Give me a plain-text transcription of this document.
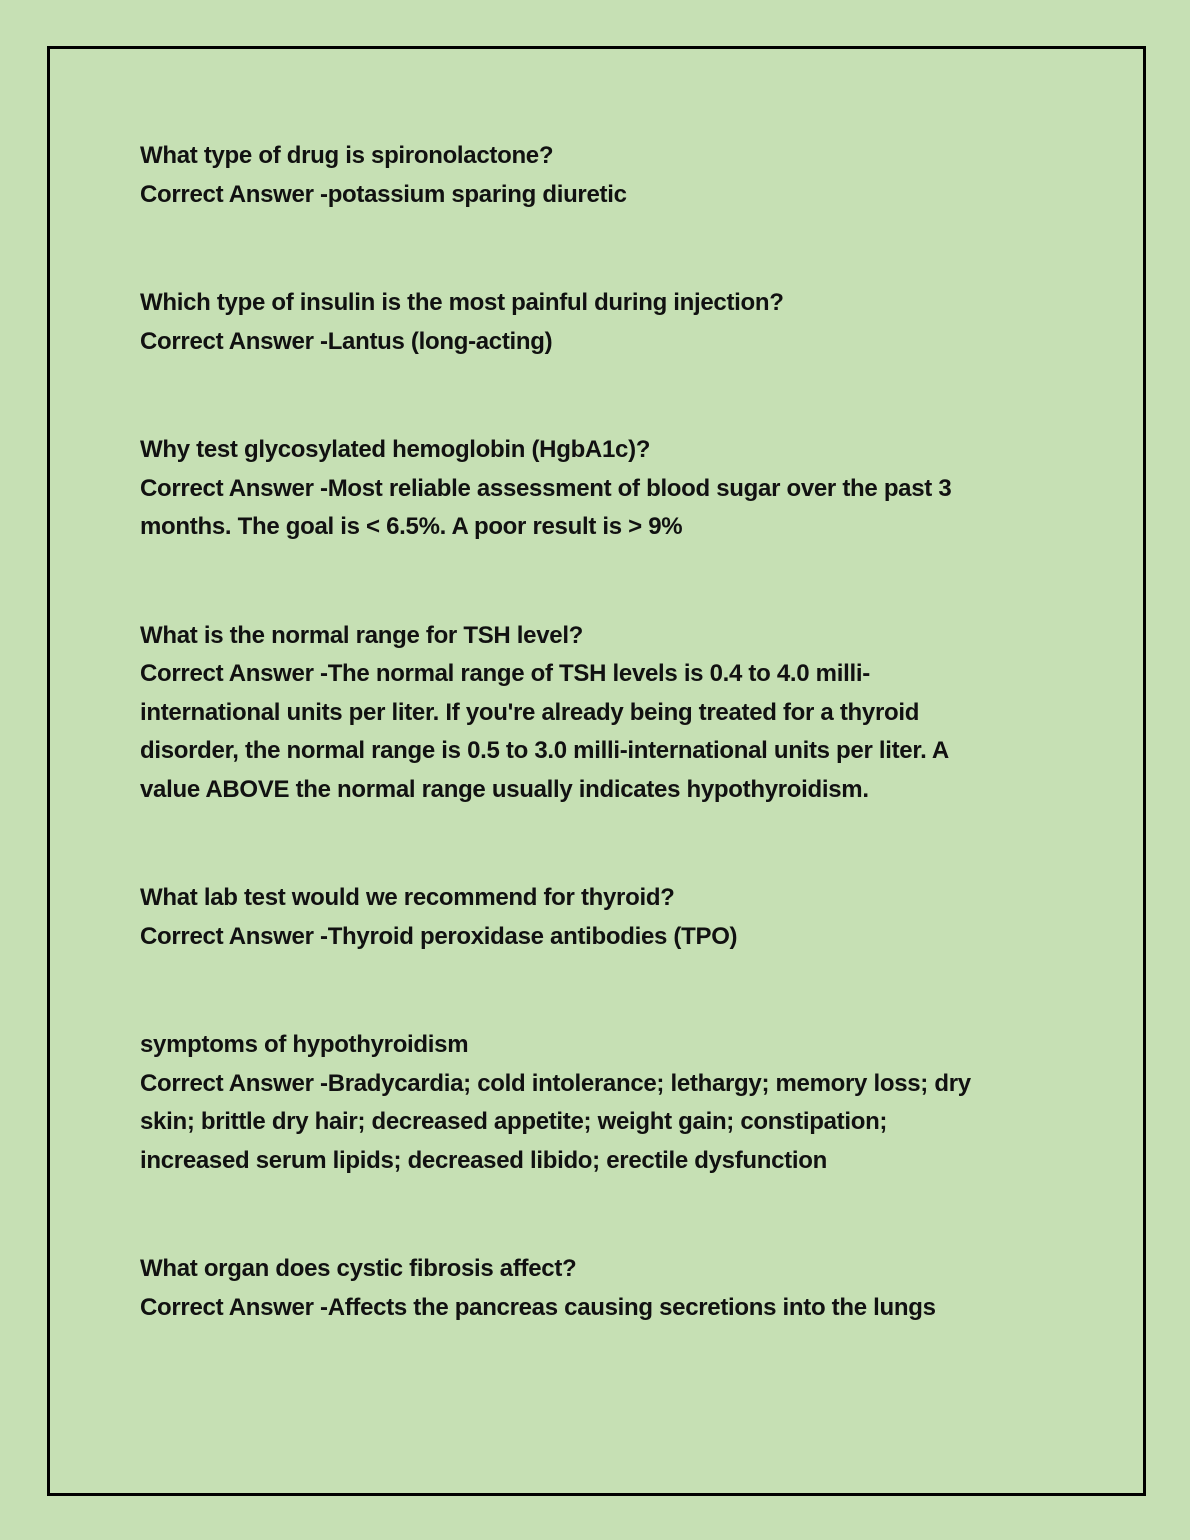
What type of drug is spironolactone?

Correct Answer -potassium sparing diuretic

Which type of insulin is the most painful during injection?

Correct Answer -Lantus (long-acting)

Why test glycosylated hemoglobin (HgbA1c)?

Correct Answer -Most reliable assessment of blood sugar over the past 3
months. The goal is < 6.5%. A poor result is > 9%

What is the normal range for TSH level?

Correct Answer -The normal range of TSH levels is 0.4 to 4.0 milli-
international units per liter. If you're already being treated for a thyroid
disorder, the normal range is 0.5 to 3.0 milli-international units per liter. A
value ABOVE the normal range usually indicates hypothyroidism.

What lab test would we recommend for thyroid?

Correct Answer -Thyroid peroxidase antibodies (TPO)

symptoms of hypothyroidism

Correct Answer -Bradycardia; cold intolerance; lethargy; memory loss; dry
skin; brittle dry hair; decreased appetite; weight gain; constipation;
increased serum lipids; decreased libido; erectile dysfunction

What organ does cystic fibrosis affect?

Correct Answer -Affects the pancreas causing secretions into the lungs
